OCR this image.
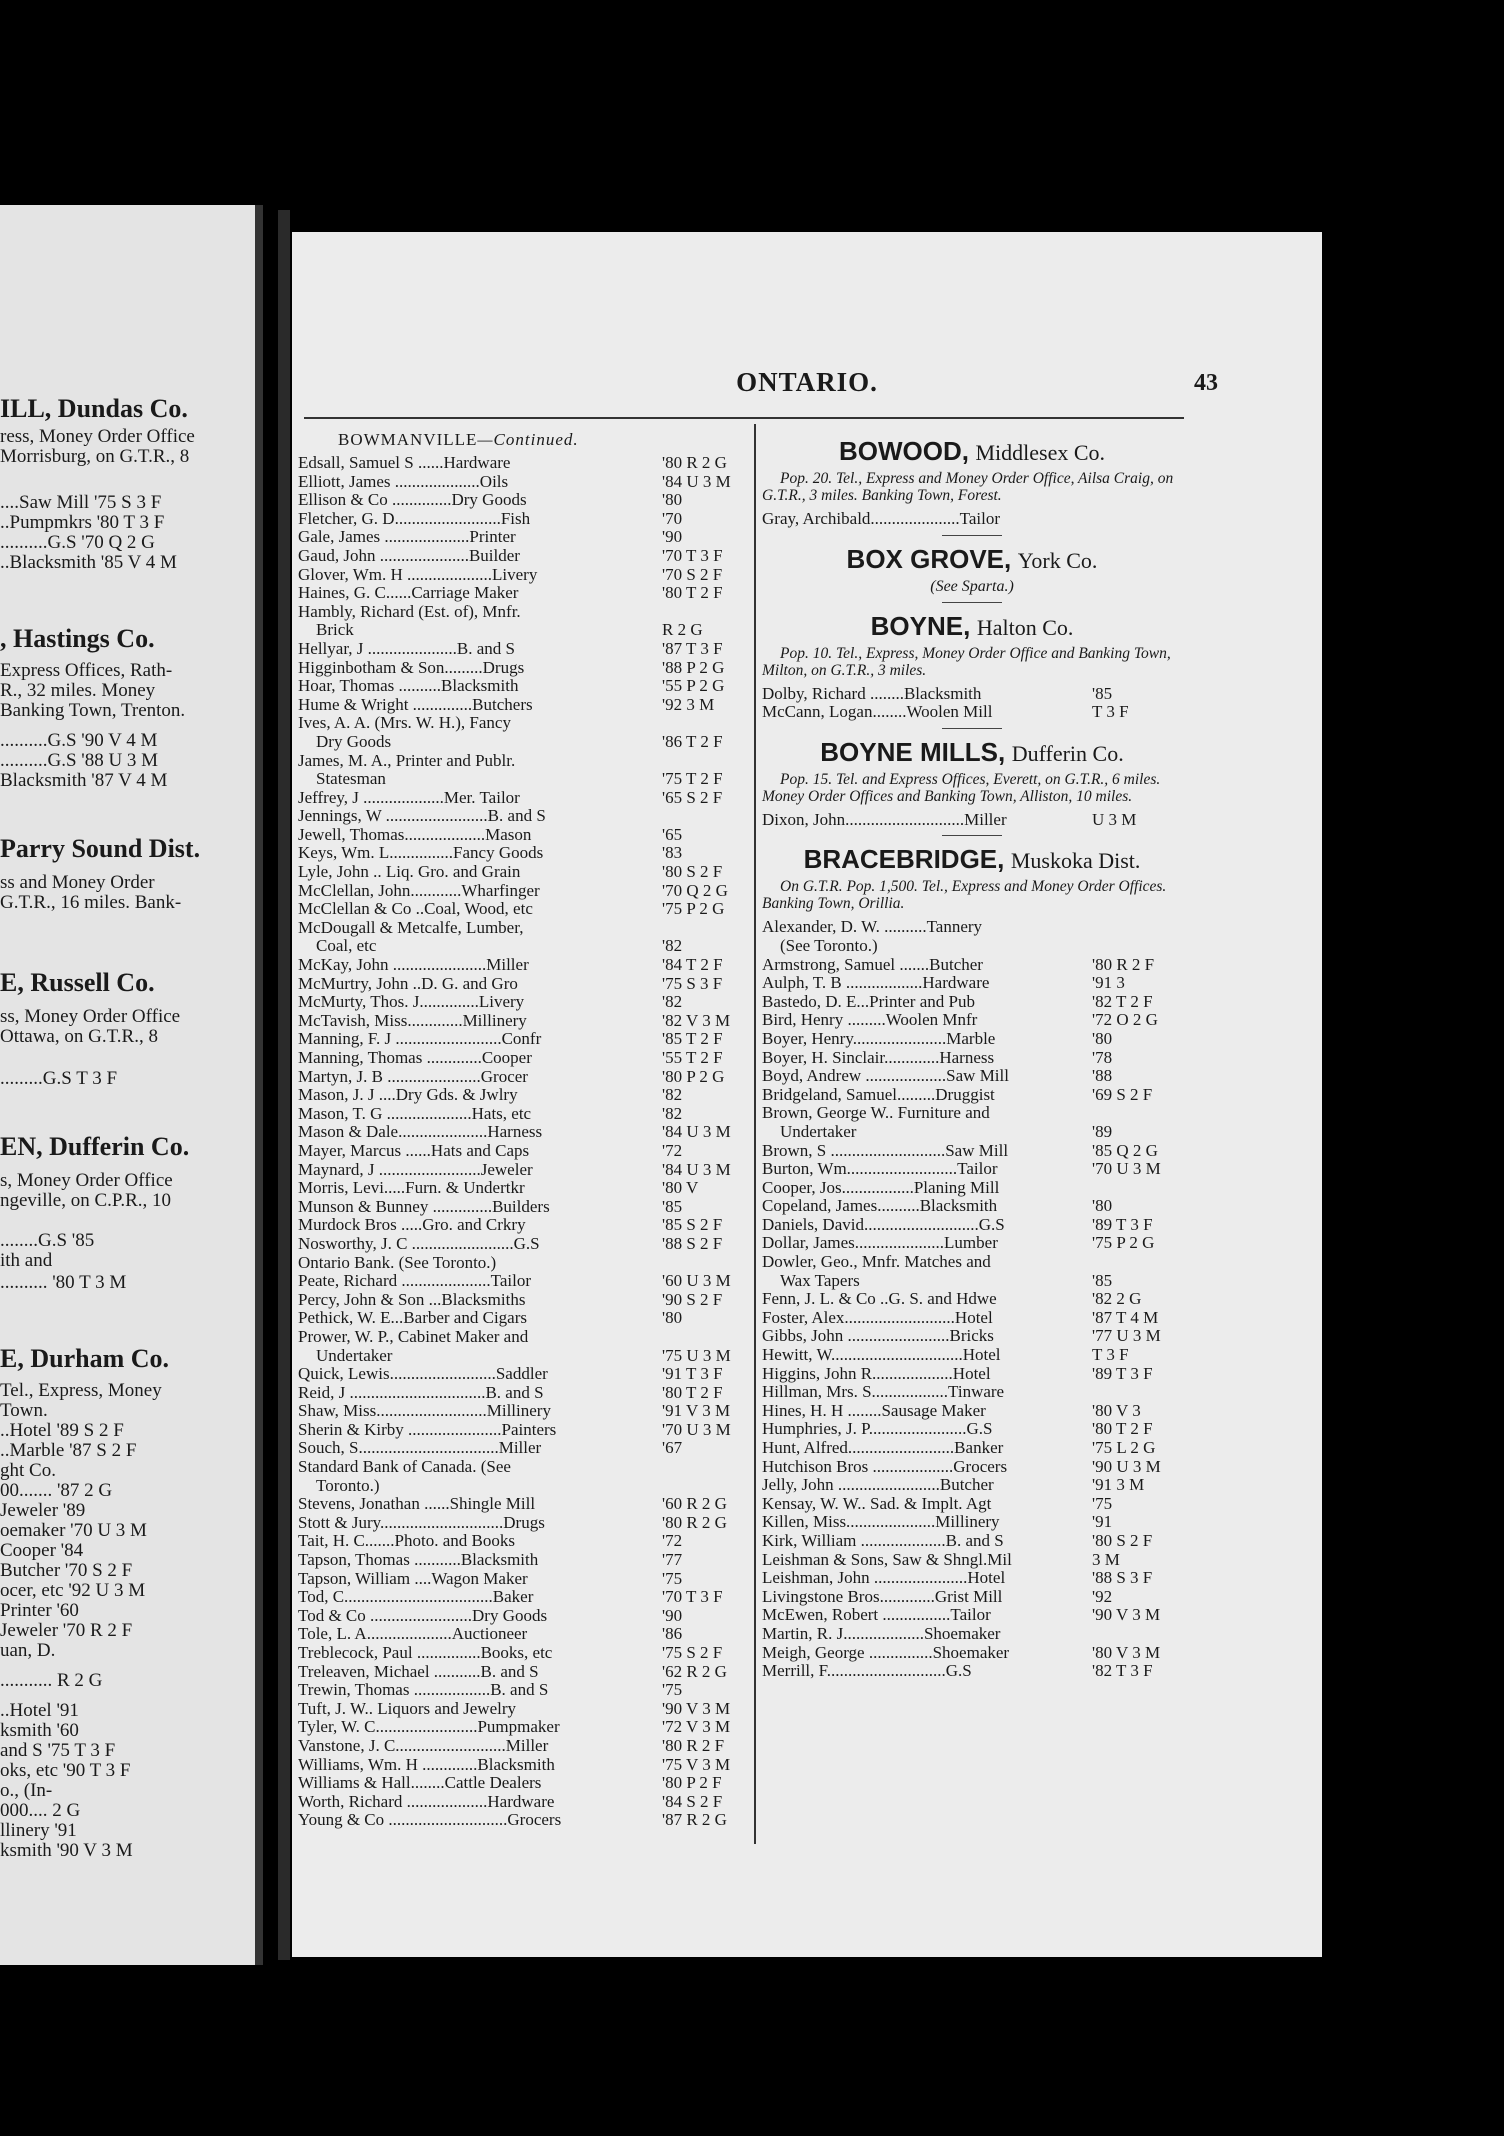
ILL, Dundas Co.
ress, Money Order Office
Morrisburg, on G.T.R., 8
....Saw Mill '75 S 3 F
..Pumpmkrs '80 T 3 F
..........G.S '70 Q 2 G
..Blacksmith '85 V 4 M
, Hastings Co.
Express Offices, Rath-
R., 32 miles. Money
Banking Town, Trenton.
..........G.S '90 V 4 M
..........G.S '88 U 3 M
Blacksmith '87 V 4 M
Parry Sound Dist.
ss and Money Order
G.T.R., 16 miles. Bank-
E, Russell Co.
ss, Money Order Office
Ottawa, on G.T.R., 8
.........G.S T 3 F
EN, Dufferin Co.
s, Money Order Office
ngeville, on C.P.R., 10
........G.S '85
ith and
.......... '80 T 3 M
E, Durham Co.
Tel., Express, Money
Town.
..Hotel '89 S 2 F
..Marble '87 S 2 F
ght Co.
00....... '87 2 G
Jeweler '89
oemaker '70 U 3 M
Cooper '84
Butcher '70 S 2 F
ocer, etc '92 U 3 M
Printer '60
Jeweler '70 R 2 F
uan, D.
........... R 2 G
..Hotel '91
ksmith '60
and S '75 T 3 F
oks, etc '90 T 3 F
o., (In-
000.... 2 G
llinery '91
ksmith '90 V 3 M
ONTARIO.	43
BOWMANVILLE—Continued.
Edsall, Samuel S ......Hardware	'80 R 2 G
Elliott, James ....................Oils	'84 U 3 M
Ellison & Co ..............Dry Goods	'80
Fletcher, G. D.........................Fish	'70
Gale, James ....................Printer	'90
Gaud, John .....................Builder	'70 T 3 F
Glover, Wm. H ....................Livery	'70 S 2 F
Haines, G. C......Carriage Maker	'80 T 2 F
Hambly, Richard (Est. of), Mnfr.
Brick	R 2 G
Hellyar, J .....................B. and S	'87 T 3 F
Higginbotham & Son.........Drugs	'88 P 2 G
Hoar, Thomas ..........Blacksmith	'55 P 2 G
Hume & Wright ..............Butchers	'92 3 M
Ives, A. A. (Mrs. W. H.), Fancy
Dry Goods	'86 T 2 F
James, M. A., Printer and Publr.
Statesman	'75 T 2 F
Jeffrey, J ...................Mer. Tailor	'65 S 2 F
Jennings, W ........................B. and S
Jewell, Thomas...................Mason	'65
Keys, Wm. L...............Fancy Goods	'83
Lyle, John .. Liq. Gro. and Grain	'80 S 2 F
McClellan, John............Wharfinger	'70 Q 2 G
McClellan & Co ..Coal, Wood, etc	'75 P 2 G
McDougall & Metcalfe, Lumber,
Coal, etc	'82
McKay, John ......................Miller	'84 T 2 F
McMurtry, John ..D. G. and Gro	'75 S 3 F
McMurty, Thos. J..............Livery	'82
McTavish, Miss.............Millinery	'82 V 3 M
Manning, F. J .........................Confr	'85 T 2 F
Manning, Thomas .............Cooper	'55 T 2 F
Martyn, J. B ......................Grocer	'80 P 2 G
Mason, J. J ....Dry Gds. & Jwlry	'82
Mason, T. G ....................Hats, etc	'82
Mason & Dale.....................Harness	'84 U 3 M
Mayer, Marcus ......Hats and Caps	'72
Maynard, J ........................Jeweler	'84 U 3 M
Morris, Levi.....Furn. & Undertkr	'80 V
Munson & Bunney ..............Builders	'85
Murdock Bros .....Gro. and Crkry	'85 S 2 F
Nosworthy, J. C ........................G.S	'88 S 2 F
Ontario Bank. (See Toronto.)
Peate, Richard .....................Tailor	'60 U 3 M
Percy, John & Son ...Blacksmiths	'90 S 2 F
Pethick, W. E...Barber and Cigars	'80
Prower, W. P., Cabinet Maker and
Undertaker	'75 U 3 M
Quick, Lewis.........................Saddler	'91 T 3 F
Reid, J ................................B. and S	'80 T 2 F
Shaw, Miss..........................Millinery	'91 V 3 M
Sherin & Kirby ......................Painters	'70 U 3 M
Souch, S.................................Miller	'67
Standard Bank of Canada. (See
Toronto.)
Stevens, Jonathan ......Shingle Mill	'60 R 2 G
Stott & Jury.............................Drugs	'80 R 2 G
Tait, H. C.......Photo. and Books	'72
Tapson, Thomas ...........Blacksmith	'77
Tapson, William ....Wagon Maker	'75
Tod, C...................................Baker	'70 T 3 F
Tod & Co ........................Dry Goods	'90
Tole, L. A....................Auctioneer	'86
Treblecock, Paul ...............Books, etc	'75 S 2 F
Treleaven, Michael ...........B. and S	'62 R 2 G
Trewin, Thomas ..................B. and S	'75
Tuft, J. W.. Liquors and Jewelry	'90 V 3 M
Tyler, W. C........................Pumpmaker	'72 V 3 M
Vanstone, J. C..........................Miller	'80 R 2 F
Williams, Wm. H .............Blacksmith	'75 V 3 M
Williams & Hall........Cattle Dealers	'80 P 2 F
Worth, Richard ...................Hardware	'84 S 2 F
Young & Co ............................Grocers	'87 R 2 G
BOWOOD, Middlesex Co.
Pop. 20. Tel., Express and Money Order Office, Ailsa Craig, on G.T.R., 3 miles. Banking Town, Forest.
Gray, Archibald.....................Tailor
BOX GROVE, York Co.
(See Sparta.)
BOYNE, Halton Co.
Pop. 10. Tel., Express, Money Order Office and Banking Town, Milton, on G.T.R., 3 miles.
Dolby, Richard ........Blacksmith	'85
McCann, Logan........Woolen Mill	T 3 F
BOYNE MILLS, Dufferin Co.
Pop. 15. Tel. and Express Offices, Everett, on G.T.R., 6 miles. Money Order Offices and Banking Town, Alliston, 10 miles.
Dixon, John............................Miller	U 3 M
BRACEBRIDGE, Muskoka Dist.
On G.T.R. Pop. 1,500. Tel., Express and Money Order Offices. Banking Town, Orillia.
Alexander, D. W. ..........Tannery
(See Toronto.)
Armstrong, Samuel .......Butcher	'80 R 2 F
Aulph, T. B ..................Hardware	'91 3
Bastedo, D. E...Printer and Pub	'82 T 2 F
Bird, Henry .........Woolen Mnfr	'72 O 2 G
Boyer, Henry......................Marble	'80
Boyer, H. Sinclair.............Harness	'78
Boyd, Andrew ...................Saw Mill	'88
Bridgeland, Samuel.........Druggist	'69 S 2 F
Brown, George W.. Furniture and
Undertaker	'89
Brown, S ...........................Saw Mill	'85 Q 2 G
Burton, Wm..........................Tailor	'70 U 3 M
Cooper, Jos.................Planing Mill
Copeland, James..........Blacksmith	'80
Daniels, David...........................G.S	'89 T 3 F
Dollar, James.....................Lumber	'75 P 2 G
Dowler, Geo., Mnfr. Matches and
Wax Tapers	'85
Fenn, J. L. & Co ..G. S. and Hdwe	'82 2 G
Foster, Alex..........................Hotel	'87 T 4 M
Gibbs, John ........................Bricks	'77 U 3 M
Hewitt, W...............................Hotel	T 3 F
Higgins, John R...................Hotel	'89 T 3 F
Hillman, Mrs. S..................Tinware
Hines, H. H ........Sausage Maker	'80 V 3
Humphries, J. P.......................G.S	'80 T 2 F
Hunt, Alfred.........................Banker	'75 L 2 G
Hutchison Bros ...................Grocers	'90 U 3 M
Jelly, John ........................Butcher	'91 3 M
Kensay, W. W.. Sad. & Implt. Agt	'75
Killen, Miss.....................Millinery	'91
Kirk, William ....................B. and S	'80 S 2 F
Leishman & Sons, Saw & Shngl.Mil	3 M
Leishman, John ......................Hotel	'88 S 3 F
Livingstone Bros.............Grist Mill	'92
McEwen, Robert ................Tailor	'90 V 3 M
Martin, R. J...................Shoemaker
Meigh, George ...............Shoemaker	'80 V 3 M
Merrill, F............................G.S	'82 T 3 F
